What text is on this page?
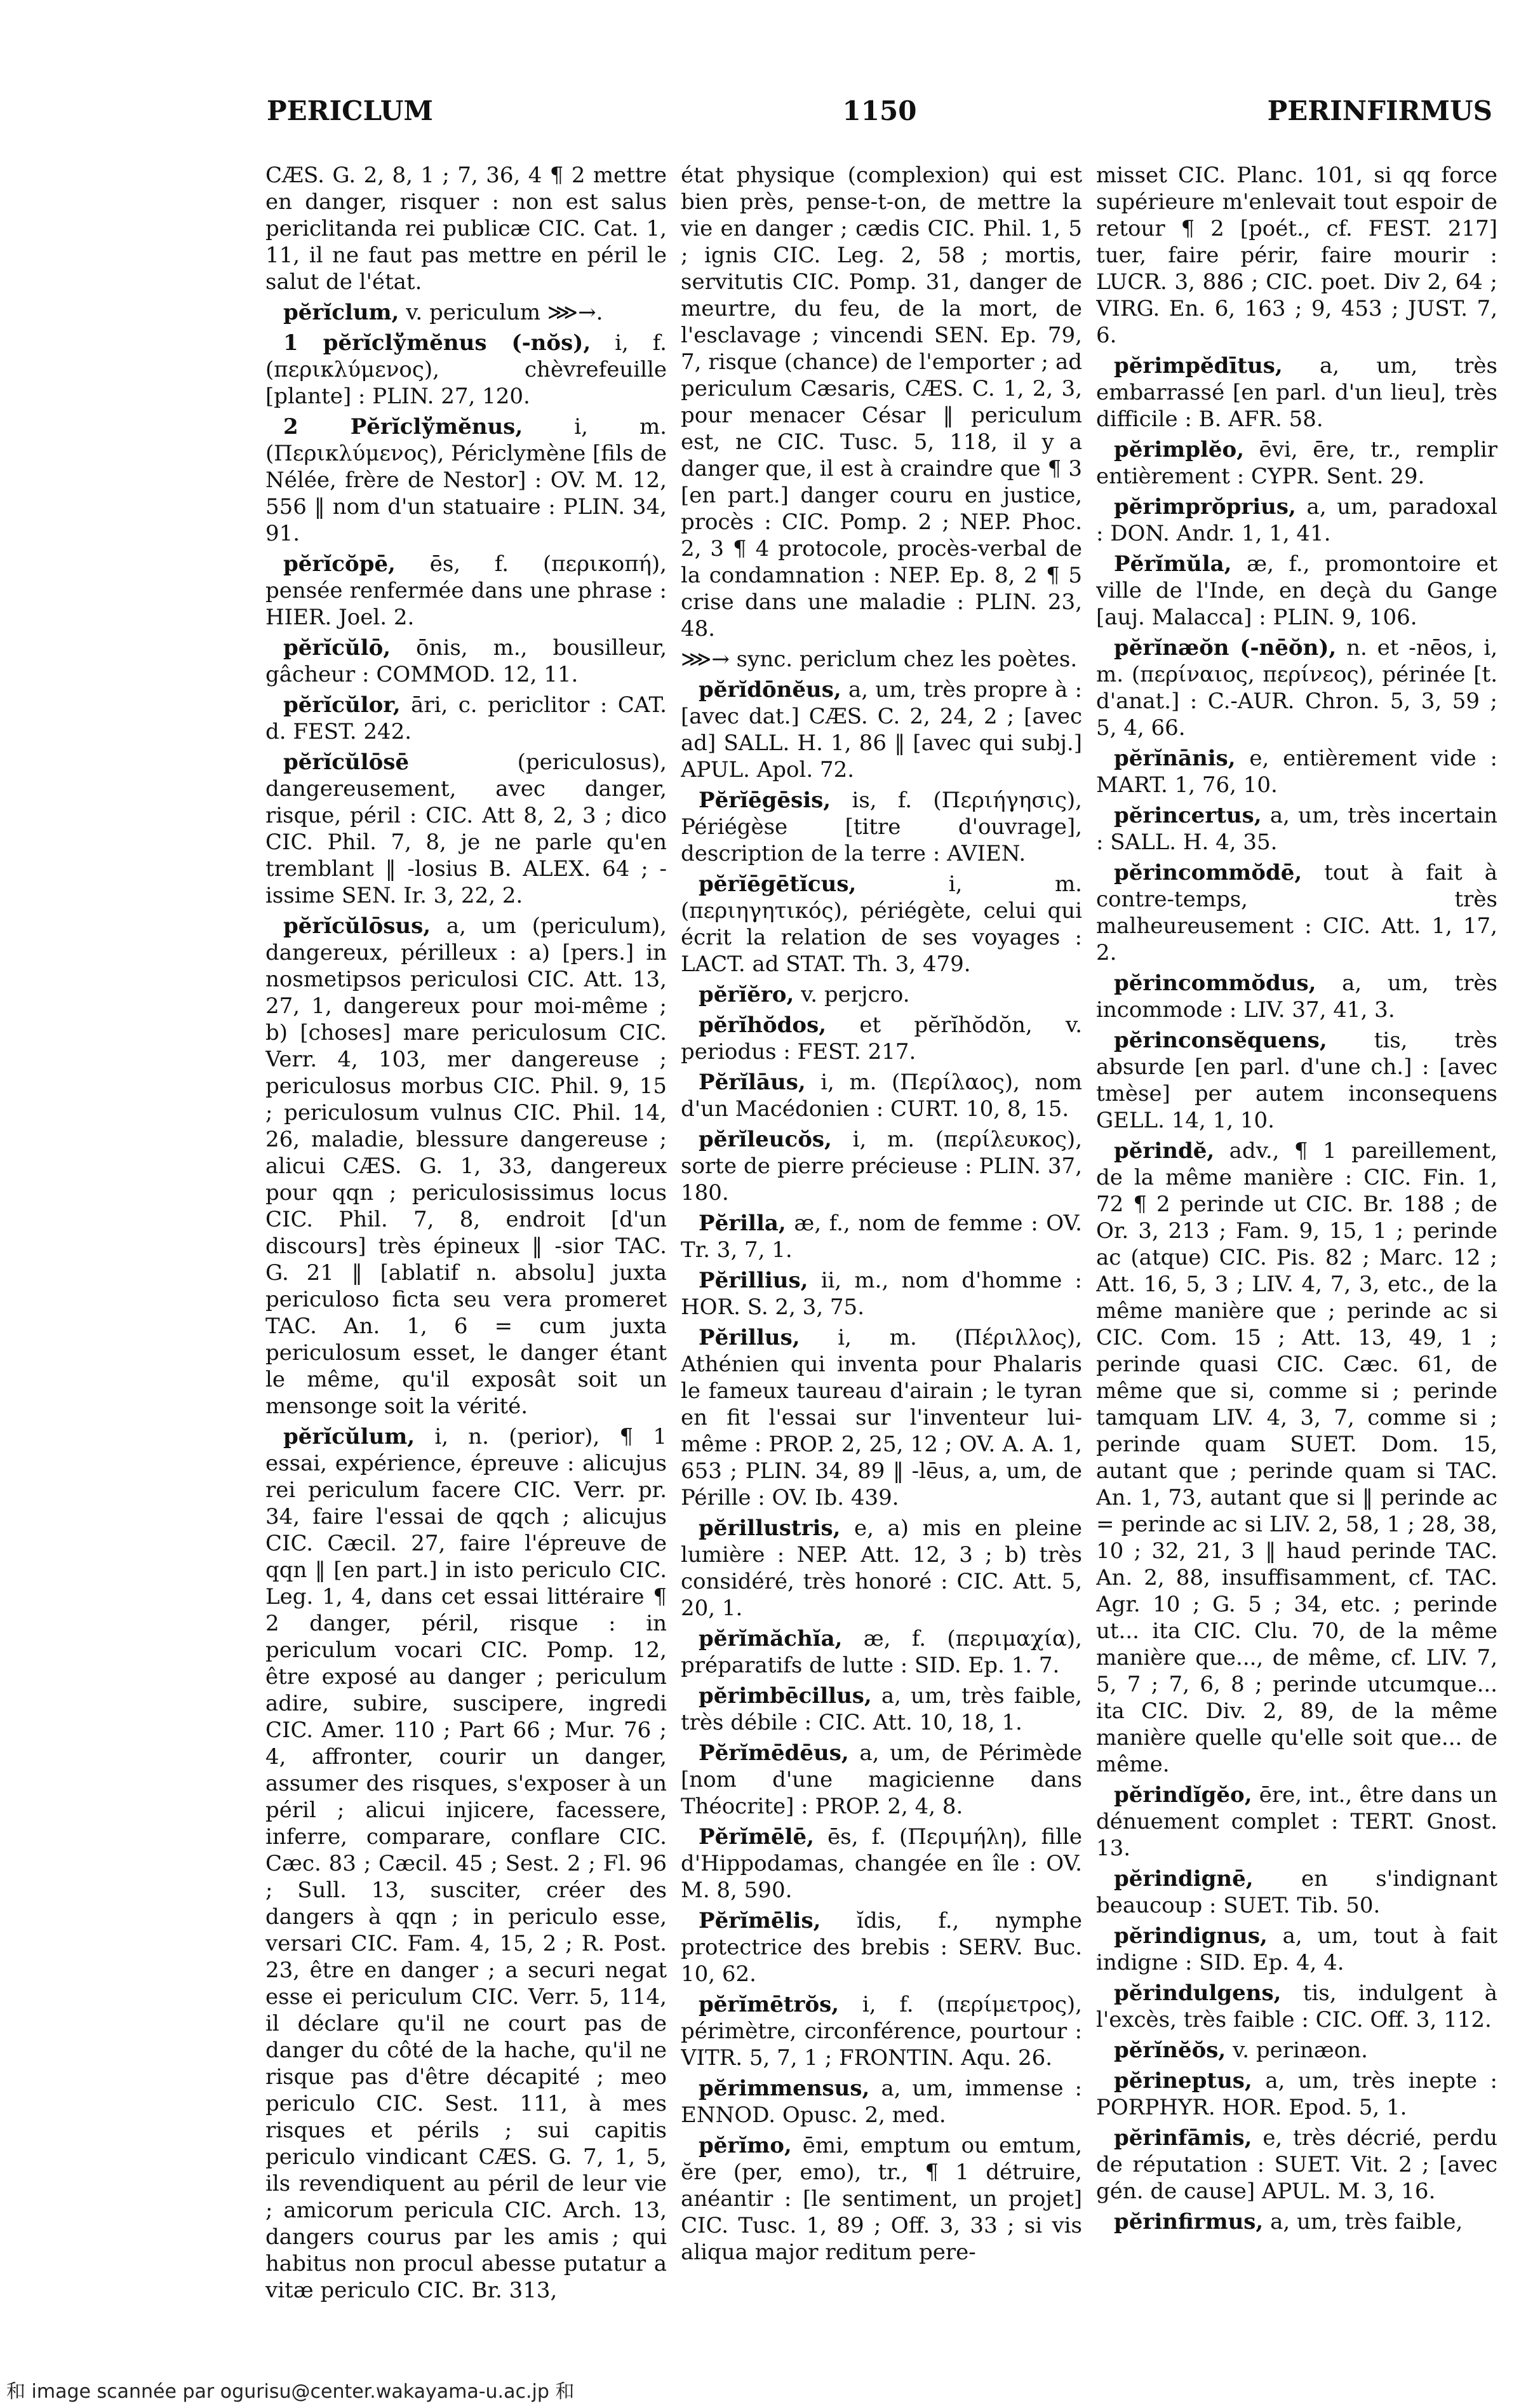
PERICLUM	1150	PERINFIRMUS

CÆS. G. 2, 8, 1 ; 7, 36, 4 ¶ 2 mettre en danger, risquer : non est salus periclitanda rei publicæ CIC. Cat. 1, 11, il ne faut pas mettre en péril le salut de l'état.

pĕrĭclum, v. periculum ⋙→.

1 pĕrĭclўmĕnus (-nŏs), i, f. (περικλύμενος), chèvrefeuille [plante] : PLIN. 27, 120.

2 Pĕrĭclўmĕnus, i, m. (Περικλύμενος), Périclymène [fils de Nélée, frère de Nestor] : OV. M. 12, 556 ‖ nom d'un statuaire : PLIN. 34, 91.

pĕrĭcŏpē, ēs, f. (περικοπή), pensée renfermée dans une phrase : HIER. Joel. 2.

pĕrĭcŭlō, ōnis, m., bousilleur, gâcheur : COMMOD. 12, 11.

pĕrĭcŭlor, āri, c. periclitor : CAT. d. FEST. 242.

pĕrĭcŭlōsē	(periculosus), dangereusement, avec danger, risque, péril : CIC. Att 8, 2, 3 ; dico CIC. Phil. 7, 8, je ne parle qu'en tremblant ‖ -losius B. ALEX. 64 ; -issime SEN. Ir. 3, 22, 2.

pĕrĭcŭlōsus, a, um (periculum), dangereux, périlleux : a) [pers.] in nosmetipsos periculosi CIC. Att. 13, 27, 1, dangereux pour moi-même ; b) [choses] mare periculosum CIC. Verr. 4, 103, mer dangereuse ; periculosus morbus CIC. Phil. 9, 15 ; periculosum vulnus CIC. Phil. 14, 26, maladie, blessure dangereuse ; alicui CÆS. G. 1, 33, dangereux pour qqn ; periculosissimus locus CIC. Phil. 7, 8, endroit [d'un discours] très épineux ‖ -sior TAC. G. 21 ‖ [ablatif n. absolu] juxta periculoso ficta seu vera promeret TAC. An. 1, 6 = cum juxta periculosum esset, le danger étant le même, qu'il exposât soit un mensonge soit la vérité.

pĕrĭcŭlum, i, n. (perior), ¶ 1 essai, expérience, épreuve : alicujus rei periculum facere CIC. Verr. pr. 34, faire l'essai de qqch ; alicujus CIC. Cæcil. 27, faire l'épreuve de qqn ‖ [en part.] in isto periculo CIC. Leg. 1, 4, dans cet essai littéraire ¶ 2 danger, péril, risque : in periculum vocari CIC. Pomp. 12, être exposé au danger ; periculum adire, subire, suscipere, ingredi CIC. Amer. 110 ; Part 66 ; Mur. 76 ; 4, affronter, courir un danger, assumer des risques, s'exposer à un péril ; alicui injicere, facessere, inferre, comparare, conflare CIC. Cæc. 83 ; Cæcil. 45 ; Sest. 2 ; Fl. 96 ; Sull. 13, susciter, créer des dangers à qqn ; in periculo esse, versari CIC. Fam. 4, 15, 2 ; R. Post. 23, être en danger ; a securi negat esse ei periculum CIC. Verr. 5, 114, il déclare qu'il ne court pas de danger du côté de la hache, qu'il ne risque pas d'être décapité ; meo periculo CIC. Sest. 111, à mes risques et périls ; sui capitis periculo vindicant CÆS. G. 7, 1, 5, ils revendiquent au péril de leur vie ; amicorum pericula CIC. Arch. 13, dangers courus par les amis ; qui habitus non procul abesse putatur a vitæ periculo CIC. Br. 313,

état physique (complexion) qui est bien près, pense-t-on, de mettre la vie en danger ; cædis CIC. Phil. 1, 5 ; ignis CIC. Leg. 2, 58 ; mortis, servitutis CIC. Pomp. 31, danger de meurtre, du feu, de la mort, de l'esclavage ; vincendi SEN. Ep. 79, 7, risque (chance) de l'emporter ; ad periculum Cæsaris, CÆS. C. 1, 2, 3, pour menacer César ‖ periculum est, ne CIC. Tusc. 5, 118, il y a danger que, il est à craindre que ¶ 3 [en part.] danger couru en justice, procès : CIC. Pomp. 2 ; NEP. Phoc. 2, 3 ¶ 4 protocole, procès-verbal de la condamnation : NEP. Ep. 8, 2 ¶ 5 crise dans une maladie : PLIN. 23, 48.

⋙→ sync. periclum chez les poètes.

pĕrĭdōnĕus, a, um, très propre à : [avec dat.] CÆS. C. 2, 24, 2 ; [avec ad] SALL. H. 1, 86 ‖ [avec qui subj.] APUL. Apol. 72.

Pĕrĭēgēsis, is, f. (Περιήγησις), Périégèse [titre d'ouvrage], description de la terre : AVIEN.

pĕrĭēgētĭcus,	i, m. (περιηγητικός), périégète, celui qui écrit la relation de ses voyages : LACT. ad STAT. Th. 3, 479.

pĕrĭĕro, v. perjcro.

pĕrĭhŏdos, et pĕrĭhŏdŏn, v. periodus : FEST. 217.

Pĕrĭlāus, i, m. (Περίλαος), nom d'un Macédonien : CURT. 10, 8, 15.

pĕrĭleucŏs, i, m. (περίλευκος), sorte de pierre précieuse : PLIN. 37, 180.

Pĕrilla, æ, f., nom de femme : OV. Tr. 3, 7, 1.

Pĕrillius, ii, m., nom d'homme : HOR. S. 2, 3, 75.

Pĕrillus, i, m. (Πέριλλος), Athénien qui inventa pour Phalaris le fameux taureau d'airain ; le tyran en fit l'essai sur l'inventeur lui-même : PROP. 2, 25, 12 ; OV. A. A. 1, 653 ; PLIN. 34, 89 ‖ -lēus, a, um, de Pérille : OV. Ib. 439.

pĕrillustris, e, a) mis en pleine lumière : NEP. Att. 12, 3 ; b) très considéré, très honoré : CIC. Att. 5, 20, 1.

pĕrĭmăchĭa, æ, f. (περιμαχία), préparatifs de lutte : SID. Ep. 1. 7.

pĕrimbēcillus, a, um, très faible, très débile : CIC. Att. 10, 18, 1.

Pĕrĭmēdēus, a, um, de Périmède [nom d'une magicienne dans Théocrite] : PROP. 2, 4, 8.

Pĕrĭmēlē, ēs, f. (Περιμήλη), fille d'Hippodamas, changée en île : OV. M. 8, 590.

Pĕrĭmēlis, ĭdis, f., nymphe protectrice des brebis : SERV. Buc. 10, 62.

pĕrĭmētrŏs, i, f. (περίμετρος), périmètre, circonférence, pourtour : VITR. 5, 7, 1 ; FRONTIN. Aqu. 26.

pĕrimmensus, a, um, immense : ENNOD. Opusc. 2, med.

pĕrĭmo, ēmi, emptum ou emtum, ĕre (per, emo), tr., ¶ 1 détruire, anéantir : [le sentiment, un projet] CIC. Tusc. 1, 89 ; Off. 3, 33 ; si vis aliqua major reditum pere-

misset CIC. Planc. 101, si qq force supérieure m'enlevait tout espoir de retour ¶ 2 [poét., cf. FEST. 217] tuer, faire périr, faire mourir : LUCR. 3, 886 ; CIC. poet. Div 2, 64 ; VIRG. En. 6, 163 ; 9, 453 ; JUST. 7, 6.

pĕrimpĕdītus, a, um, très embarrassé [en parl. d'un lieu], très difficile : B. AFR. 58.

pĕrimplĕo, ēvi, ēre, tr., remplir entièrement : CYPR. Sent. 29.

pĕrimprŏprius, a, um, paradoxal : DON. Andr. 1, 1, 41.

Pĕrĭmŭla, æ, f., promontoire et ville de l'Inde, en deçà du Gange [auj. Malacca] : PLIN. 9, 106.

pĕrĭnæŏn (-nēŏn), n. et -nēos, i, m. (περίναιος, περίνεος), périnée [t. d'anat.] : C.-AUR. Chron. 5, 3, 59 ; 5, 4, 66.

pĕrĭnānis, e, entièrement vide : MART. 1, 76, 10.

pĕrincertus, a, um, très incertain : SALL. H. 4, 35.

pĕrincommŏdē, tout à fait à contre-temps, très malheureusement : CIC. Att. 1, 17, 2.

pĕrincommŏdus, a, um, très incommode : LIV. 37, 41, 3.

pĕrinconsĕquens, tis, très absurde [en parl. d'une ch.] : [avec tmèse] per autem inconsequens GELL. 14, 1, 10.

pĕrindĕ, adv., ¶ 1 pareillement, de la même manière : CIC. Fin. 1, 72 ¶ 2 perinde ut CIC. Br. 188 ; de Or. 3, 213 ; Fam. 9, 15, 1 ; perinde ac (atque) CIC. Pis. 82 ; Marc. 12 ; Att. 16, 5, 3 ; LIV. 4, 7, 3, etc., de la même manière que ; perinde ac si CIC. Com. 15 ; Att. 13, 49, 1 ; perinde quasi CIC. Cæc. 61, de même que si, comme si ; perinde tamquam LIV. 4, 3, 7, comme si ; perinde quam SUET. Dom. 15, autant que ; perinde quam si TAC. An. 1, 73, autant que si ‖ perinde ac = perinde ac si LIV. 2, 58, 1 ; 28, 38, 10 ; 32, 21, 3 ‖ haud perinde TAC. An. 2, 88, insuffisamment, cf. TAC. Agr. 10 ; G. 5 ; 34, etc. ; perinde ut... ita CIC. Clu. 70, de la même manière que..., de même, cf. LIV. 7, 5, 7 ; 7, 6, 8 ; perinde utcumque... ita CIC. Div. 2, 89, de la même manière quelle qu'elle soit que... de même.

pĕrindĭgĕo, ēre, int., être dans un dénuement complet : TERT. Gnost. 13.

pĕrindignē, en s'indignant beaucoup : SUET. Tib. 50.

pĕrindignus, a, um, tout à fait indigne : SID. Ep. 4, 4.

pĕrindulgens, tis, indulgent à l'excès, très faible : CIC. Off. 3, 112.

pĕrĭnĕŏs, v. perinæon.

pĕrineptus, a, um, très inepte : PORPHYR. HOR. Epod. 5, 1.

pĕrinfāmis, e, très décrié, perdu de réputation : SUET. Vit. 2 ; [avec gén. de cause] APUL. M. 3, 16.

pĕrinfirmus, a, um, très faible,

和 image scannée par ogurisu@center.wakayama-u.ac.jp 和
